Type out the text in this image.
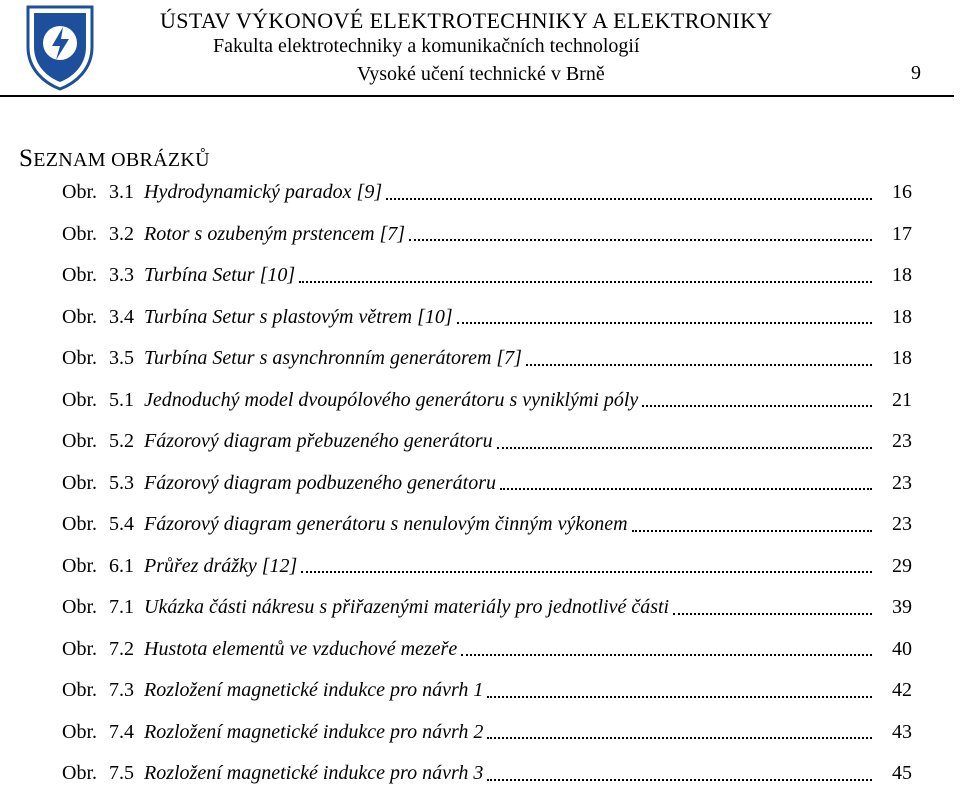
ÚSTAV VÝKONOVÉ ELEKTROTECHNIKY A ELEKTRONIKY
Fakulta elektrotechniky a komunikačních technologií
Vysoké učení technické v Brně	9
SEZNAM OBRÁZKŮ
Obr. 3.1 Hydrodynamický paradox [9]	16
Obr. 3.2 Rotor s ozubeným prstencem [7]	17
Obr. 3.3 Turbína Setur [10]	18
Obr. 3.4 Turbína Setur s plastovým větrem [10]	18
Obr. 3.5 Turbína Setur s asynchronním generátorem [7]	18
Obr. 5.1 Jednoduchý model dvoupólového generátoru s vyniklými póly	21
Obr. 5.2 Fázorový diagram přebuzeného generátoru	23
Obr. 5.3 Fázorový diagram podbuzeného generátoru	23
Obr. 5.4 Fázorový diagram generátoru s nenulovým činným výkonem	23
Obr. 6.1 Průřez drážky [12]	29
Obr. 7.1 Ukázka části nákresu s přiřazenými materiály pro jednotlivé části	39
Obr. 7.2 Hustota elementů ve vzduchové mezeře	40
Obr. 7.3 Rozložení magnetické indukce pro návrh 1	42
Obr. 7.4 Rozložení magnetické indukce pro návrh 2	43
Obr. 7.5 Rozložení magnetické indukce pro návrh 3	45
